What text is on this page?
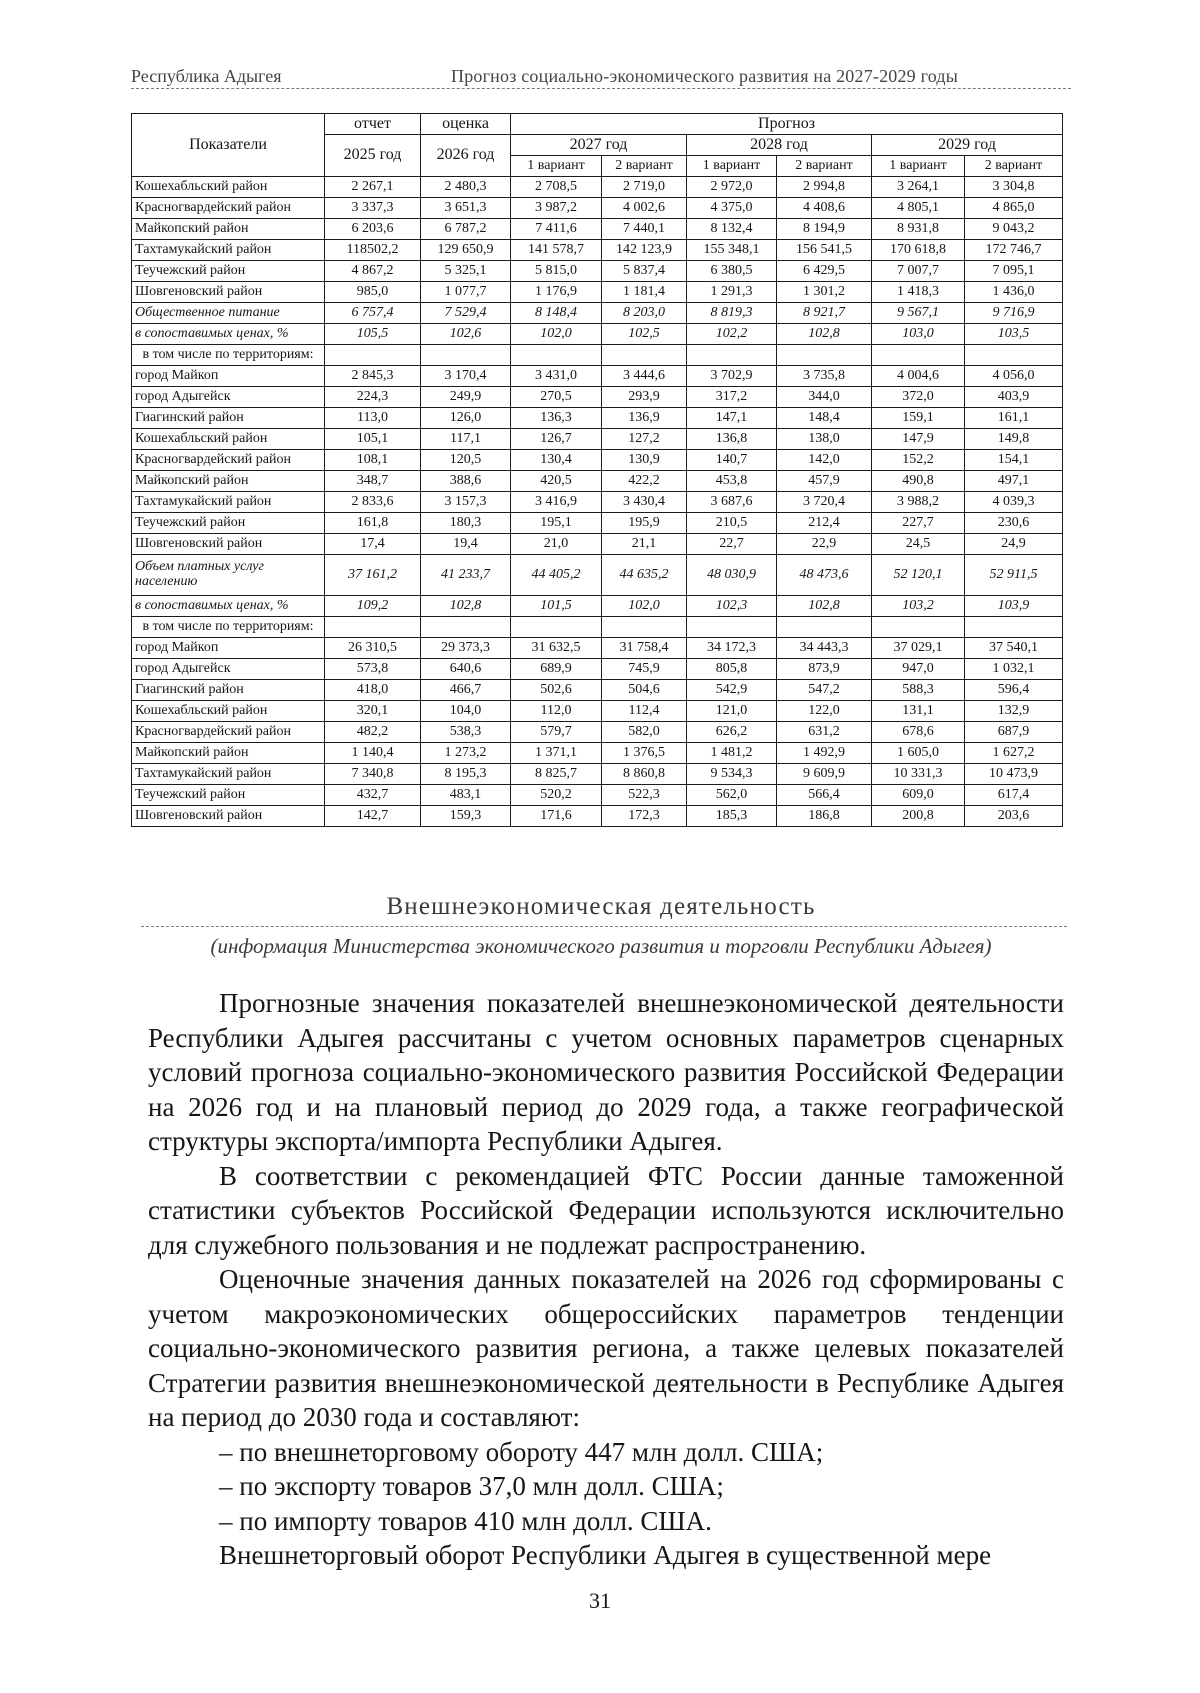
Республика Адыгея	Прогноз социально-экономического развития на 2027-2029 годы
Показатели	отчет	оценка	Прогноз					
	2025 год	2026 год	2027 год		2028 год		2029 год	
			1 вариант	2 вариант	1 вариант	2 вариант	1 вариант	2 вариант
Кошехабльский район	2 267,1	2 480,3	2 708,5	2 719,0	2 972,0	2 994,8	3 264,1	3 304,8
Красногвардейский район	3 337,3	3 651,3	3 987,2	4 002,6	4 375,0	4 408,6	4 805,1	4 865,0
Майкопский район	6 203,6	6 787,2	7 411,6	7 440,1	8 132,4	8 194,9	8 931,8	9 043,2
Тахтамукайский район	118502,2	129 650,9	141 578,7	142 123,9	155 348,1	156 541,5	170 618,8	172 746,7
Теучежский район	4 867,2	5 325,1	5 815,0	5 837,4	6 380,5	6 429,5	7 007,7	7 095,1
Шовгеновский район	985,0	1 077,7	1 176,9	1 181,4	1 291,3	1 301,2	1 418,3	1 436,0
Общественное питание	6 757,4	7 529,4	8 148,4	8 203,0	8 819,3	8 921,7	9 567,1	9 716,9
в сопоставимых ценах, %	105,5	102,6	102,0	102,5	102,2	102,8	103,0	103,5
в том числе по территориям:								
город Майкоп	2 845,3	3 170,4	3 431,0	3 444,6	3 702,9	3 735,8	4 004,6	4 056,0
город Адыгейск	224,3	249,9	270,5	293,9	317,2	344,0	372,0	403,9
Гиагинский район	113,0	126,0	136,3	136,9	147,1	148,4	159,1	161,1
Кошехабльский район	105,1	117,1	126,7	127,2	136,8	138,0	147,9	149,8
Красногвардейский район	108,1	120,5	130,4	130,9	140,7	142,0	152,2	154,1
Майкопский район	348,7	388,6	420,5	422,2	453,8	457,9	490,8	497,1
Тахтамукайский район	2 833,6	3 157,3	3 416,9	3 430,4	3 687,6	3 720,4	3 988,2	4 039,3
Теучежский район	161,8	180,3	195,1	195,9	210,5	212,4	227,7	230,6
Шовгеновский район	17,4	19,4	21,0	21,1	22,7	22,9	24,5	24,9
Объем платных услуг населению	37 161,2	41 233,7	44 405,2	44 635,2	48 030,9	48 473,6	52 120,1	52 911,5
в сопоставимых ценах, %	109,2	102,8	101,5	102,0	102,3	102,8	103,2	103,9
в том числе по территориям:								
город Майкоп	26 310,5	29 373,3	31 632,5	31 758,4	34 172,3	34 443,3	37 029,1	37 540,1
город Адыгейск	573,8	640,6	689,9	745,9	805,8	873,9	947,0	1 032,1
Гиагинский район	418,0	466,7	502,6	504,6	542,9	547,2	588,3	596,4
Кошехабльский район	320,1	104,0	112,0	112,4	121,0	122,0	131,1	132,9
Красногвардейский район	482,2	538,3	579,7	582,0	626,2	631,2	678,6	687,9
Майкопский район	1 140,4	1 273,2	1 371,1	1 376,5	1 481,2	1 492,9	1 605,0	1 627,2
Тахтамукайский район	7 340,8	8 195,3	8 825,7	8 860,8	9 534,3	9 609,9	10 331,3	10 473,9
Теучежский район	432,7	483,1	520,2	522,3	562,0	566,4	609,0	617,4
Шовгеновский район	142,7	159,3	171,6	172,3	185,3	186,8	200,8	203,6
Внешнеэкономическая деятельность
(информация Министерства экономического развития и торговли Республики Адыгея)

Прогнозные значения показателей внешнеэкономической деятельности Республики Адыгея рассчитаны с учетом основных параметров сценарных условий прогноза социально-экономического развития Российской Федерации на 2026 год и на плановый период до 2029 года, а также географической структуры экспорта/импорта Республики Адыгея.

В соответствии с рекомендацией ФТС России данные таможенной статистики субъектов Российской Федерации используются исключительно для служебного пользования и не подлежат распространению.

Оценочные значения данных показателей на 2026 год сформированы с учетом макроэкономических общероссийских параметров тенденции социально-экономического развития региона, а также целевых показателей Стратегии развития внешнеэкономической деятельности в Республике Адыгея на период до 2030 года и составляют:

– по внешнеторговому обороту 447 млн долл. США;
– по экспорту товаров 37,0 млн долл. США;
– по импорту товаров 410 млн долл. США.

Внешнеторговый оборот Республики Адыгея в существенной мере

31
